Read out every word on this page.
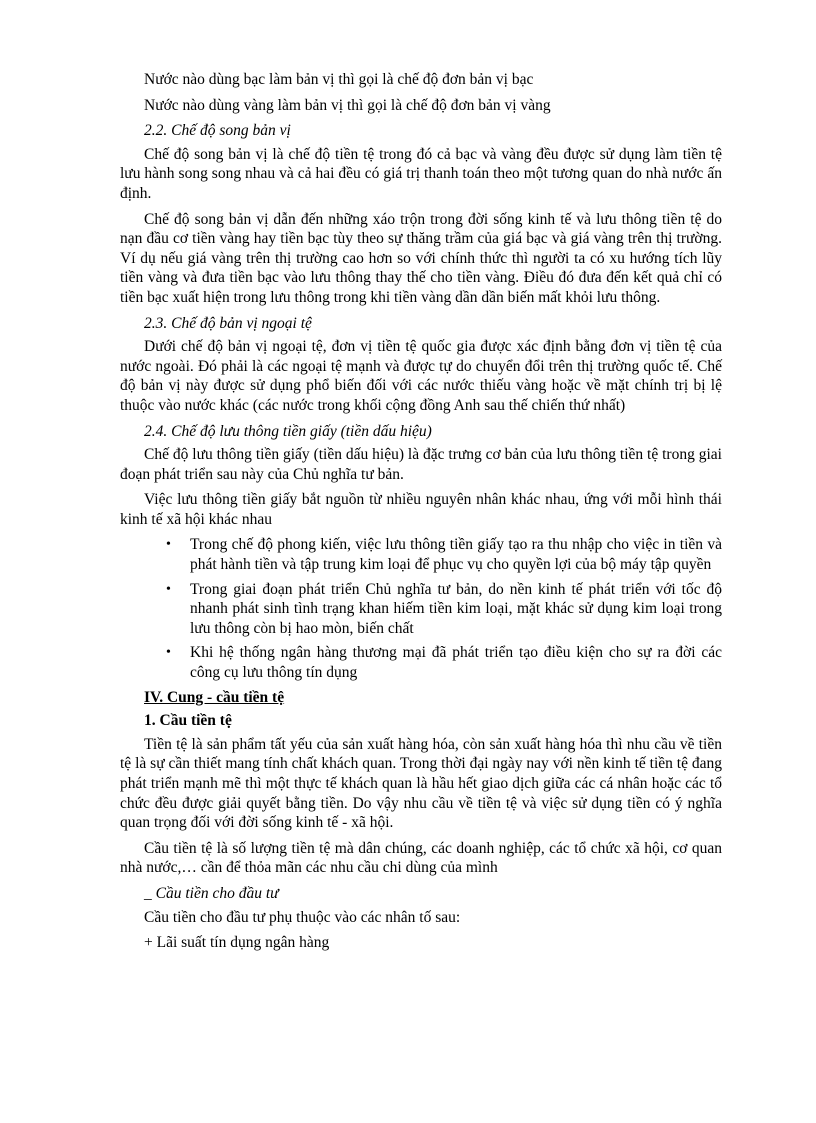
Nước nào dùng bạc làm bản vị thì gọi là chế độ đơn bản vị bạc

Nước nào dùng vàng làm bản vị thì gọi là chế độ đơn bản vị vàng

2.2. Chế độ song bản vị

Chế độ song bản vị là chế độ tiền tệ trong đó cả bạc và vàng đều được sử dụng làm tiền tệ lưu hành song song nhau và cả hai đều có giá trị thanh toán theo một tương quan do nhà nước ấn định.

Chế độ song bản vị dẫn đến những xáo trộn trong đời sống kinh tế và lưu thông tiền tệ do nạn đầu cơ tiền vàng hay tiền bạc tùy theo sự thăng trầm của giá bạc và giá vàng trên thị trường. Ví dụ nếu giá vàng trên thị trường cao hơn so với chính thức thì người ta có xu hướng tích lũy tiền vàng và đưa tiền bạc vào lưu thông thay thế cho tiền vàng. Điều đó đưa đến kết quả chỉ có tiền bạc xuất hiện trong lưu thông trong khi tiền vàng dần dần biến mất khỏi lưu thông.

2.3. Chế độ bản vị ngoại tệ

Dưới chế độ bản vị ngoại tệ, đơn vị tiền tệ quốc gia được xác định bằng đơn vị tiền tệ của nước ngoài. Đó phải là các ngoại tệ mạnh và được tự do chuyển đổi trên thị trường quốc tế. Chế độ bản vị này được sử dụng phổ biến đối với các nước thiếu vàng hoặc về mặt chính trị bị lệ thuộc vào nước khác (các nước trong khối cộng đồng Anh sau thế chiến thứ nhất)

2.4. Chế độ lưu thông tiền giấy (tiền dấu hiệu)

Chế độ lưu thông tiền giấy (tiền dấu hiệu) là đặc trưng cơ bản của lưu thông tiền tệ trong giai đoạn phát triển sau này của Chủ nghĩa tư bản.

Việc lưu thông tiền giấy bắt nguồn từ nhiều nguyên nhân khác nhau, ứng với mỗi hình thái kinh tế xã hội khác nhau

• Trong chế độ phong kiến, việc lưu thông tiền giấy tạo ra thu nhập cho việc in tiền và phát hành tiền và tập trung kim loại để phục vụ cho quyền lợi của bộ máy tập quyền
• Trong giai đoạn phát triển Chủ nghĩa tư bản, do nền kinh tế phát triển với tốc độ nhanh phát sinh tình trạng khan hiếm tiền kim loại, mặt khác sử dụng kim loại trong lưu thông còn bị hao mòn, biến chất
• Khi hệ thống ngân hàng thương mại đã phát triển tạo điều kiện cho sự ra đời các công cụ lưu thông tín dụng

IV. Cung - cầu tiền tệ

1. Cầu tiền tệ

Tiền tệ là sản phẩm tất yếu của sản xuất hàng hóa, còn sản xuất hàng hóa thì nhu cầu về tiền tệ là sự cần thiết mang tính chất khách quan. Trong thời đại ngày nay với nền kinh tế tiền tệ đang phát triển mạnh mẽ thì một thực tế khách quan là hầu hết giao dịch giữa các cá nhân hoặc các tổ chức đều được giải quyết bằng tiền. Do vậy nhu cầu về tiền tệ và việc sử dụng tiền có ý nghĩa quan trọng đối với đời sống kinh tế - xã hội.

Cầu tiền tệ là số lượng tiền tệ mà dân chúng, các doanh nghiệp, các tổ chức xã hội, cơ quan nhà nước,… cần để thỏa mãn các nhu cầu chi dùng của mình

_ Cầu tiền cho đầu tư

Cầu tiền cho đầu tư phụ thuộc vào các nhân tố sau:

+ Lãi suất tín dụng ngân hàng
